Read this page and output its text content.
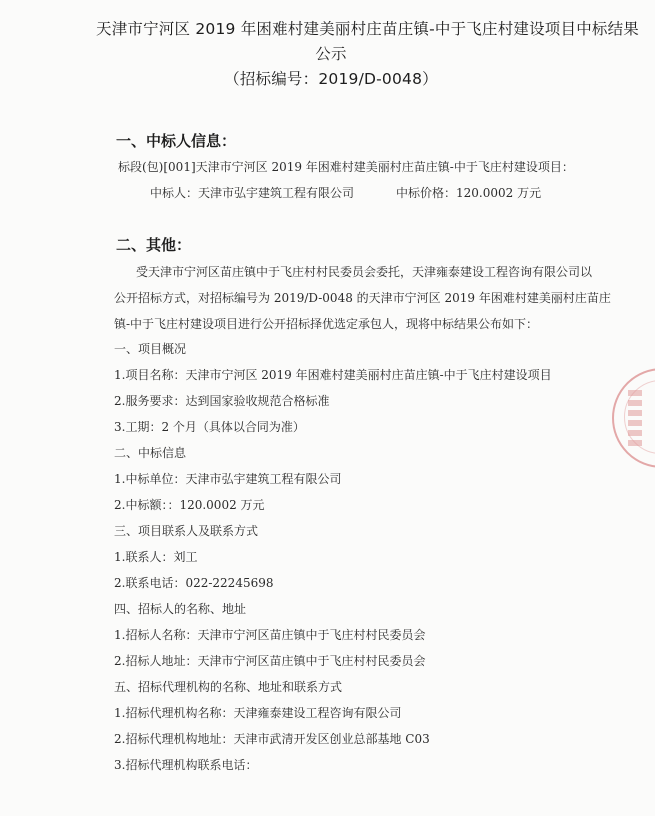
天津市宁河区 2019 年困难村建美丽村庄苗庄镇-中于飞庄村建设项目中标结果
公示
（招标编号：2019/D-0048）
一、中标人信息：
标段(包)[001]天津市宁河区 2019 年困难村建美丽村庄苗庄镇-中于飞庄村建设项目：
中标人：天津市弘宇建筑工程有限公司	中标价格：120.0002 万元
二、其他：
受天津市宁河区苗庄镇中于飞庄村村民委员会委托，天津雍泰建设工程咨询有限公司以
公开招标方式，对招标编号为 2019/D-0048 的天津市宁河区 2019 年困难村建美丽村庄苗庄
镇-中于飞庄村建设项目进行公开招标择优选定承包人，现将中标结果公布如下：
一、项目概况
1.项目名称：天津市宁河区 2019 年困难村建美丽村庄苗庄镇-中于飞庄村建设项目
2.服务要求：达到国家验收规范合格标准
3.工期：2 个月（具体以合同为准）
二、中标信息
1.中标单位：天津市弘宇建筑工程有限公司
2.中标额：：120.0002 万元
三、项目联系人及联系方式
1.联系人：刘工
2.联系电话：022-22245698
四、招标人的名称、地址
1.招标人名称：天津市宁河区苗庄镇中于飞庄村村民委员会
2.招标人地址：天津市宁河区苗庄镇中于飞庄村村民委员会
五、招标代理机构的名称、地址和联系方式
1.招标代理机构名称：天津雍泰建设工程咨询有限公司
2.招标代理机构地址：天津市武清开发区创业总部基地 C03
3.招标代理机构联系电话：
